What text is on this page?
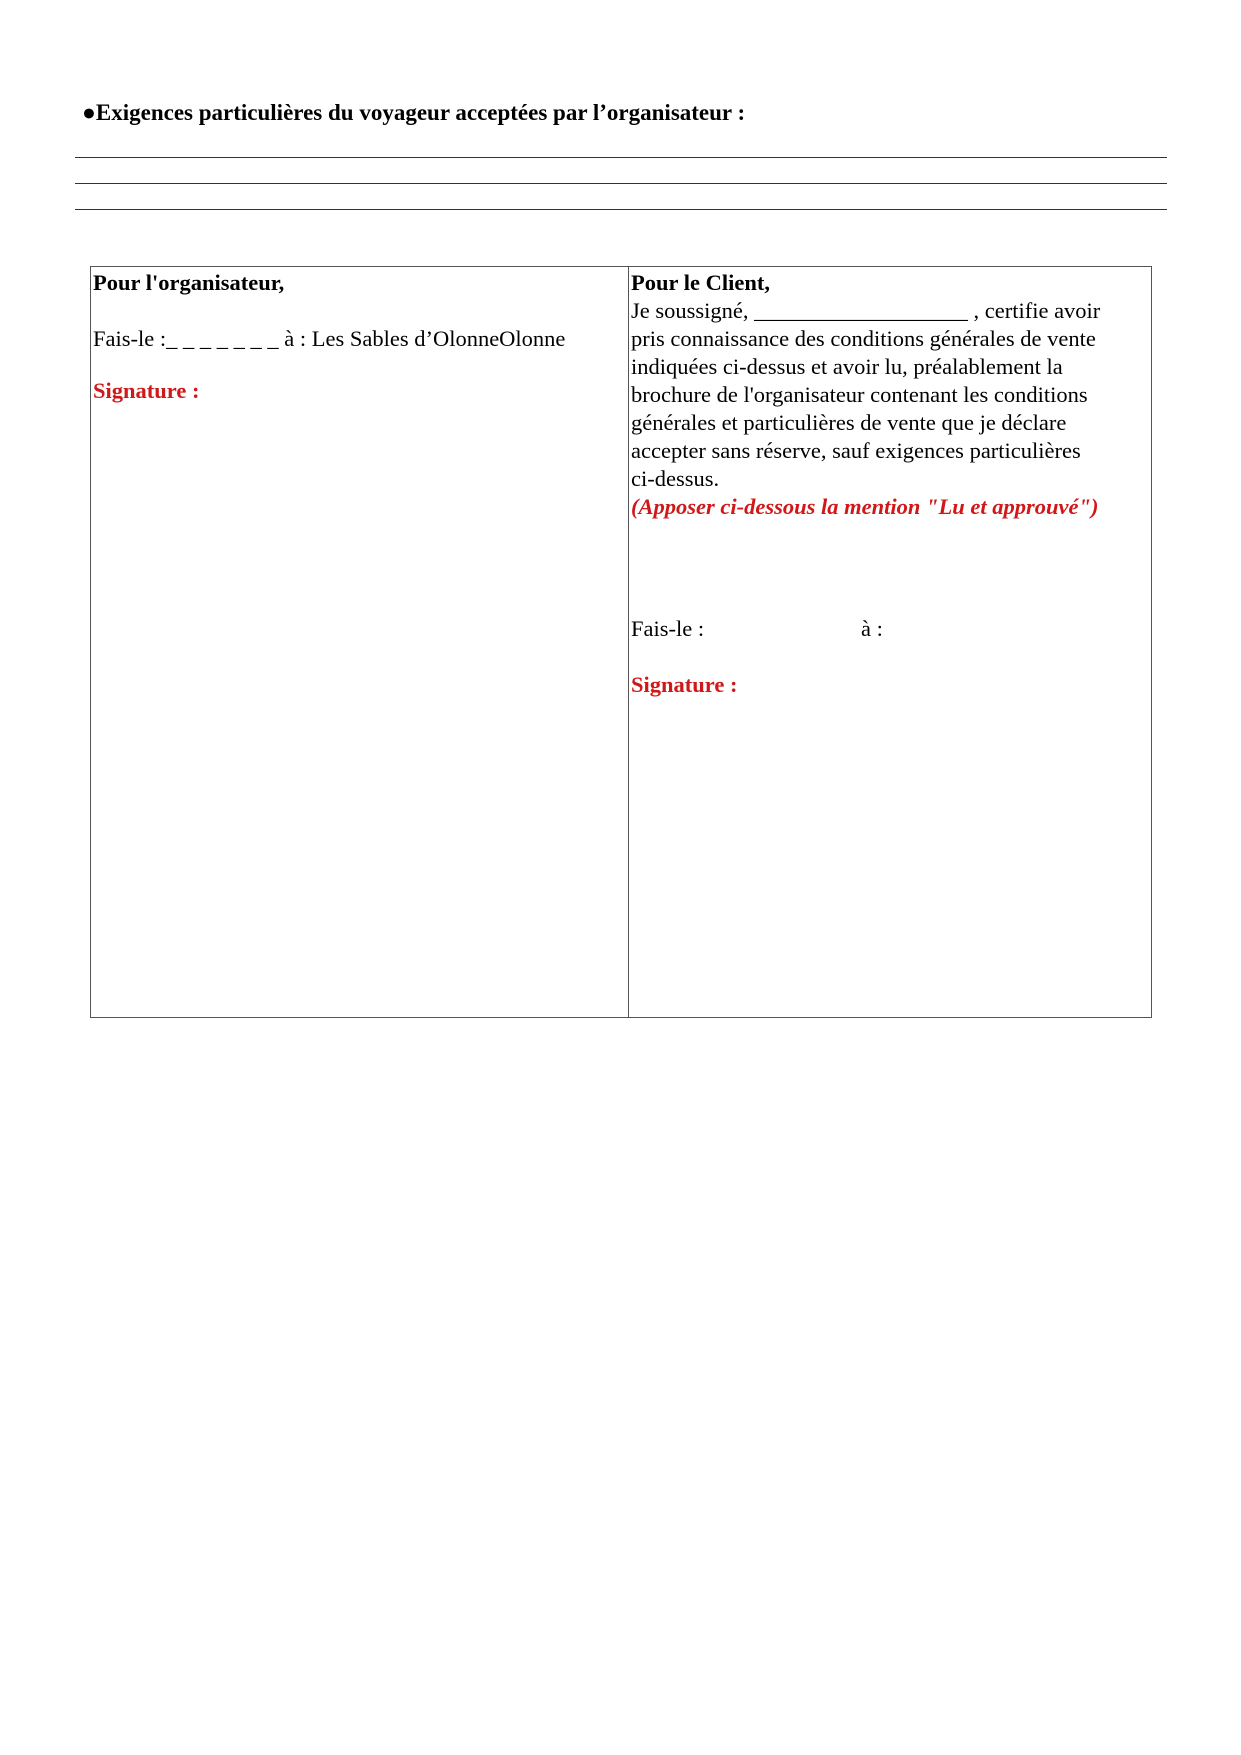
●Exigences particulières du voyageur acceptées par l’organisateur :
Pour l'organisateur,
Fais-le :_ _ _ _ _ _ _ à : Les Sables d’OlonneOlonne
Signature :
Pour le Client,
Je soussigné, ___________________ , certifie avoir
pris connaissance des conditions générales de vente
indiquées ci-dessus et avoir lu, préalablement la
brochure de l'organisateur contenant les conditions
générales et particulières de vente que je déclare
accepter sans réserve, sauf exigences particulières
ci-dessus.
(Apposer ci-dessous la mention "Lu et approuvé")
Fais-le :	à :
Signature :
